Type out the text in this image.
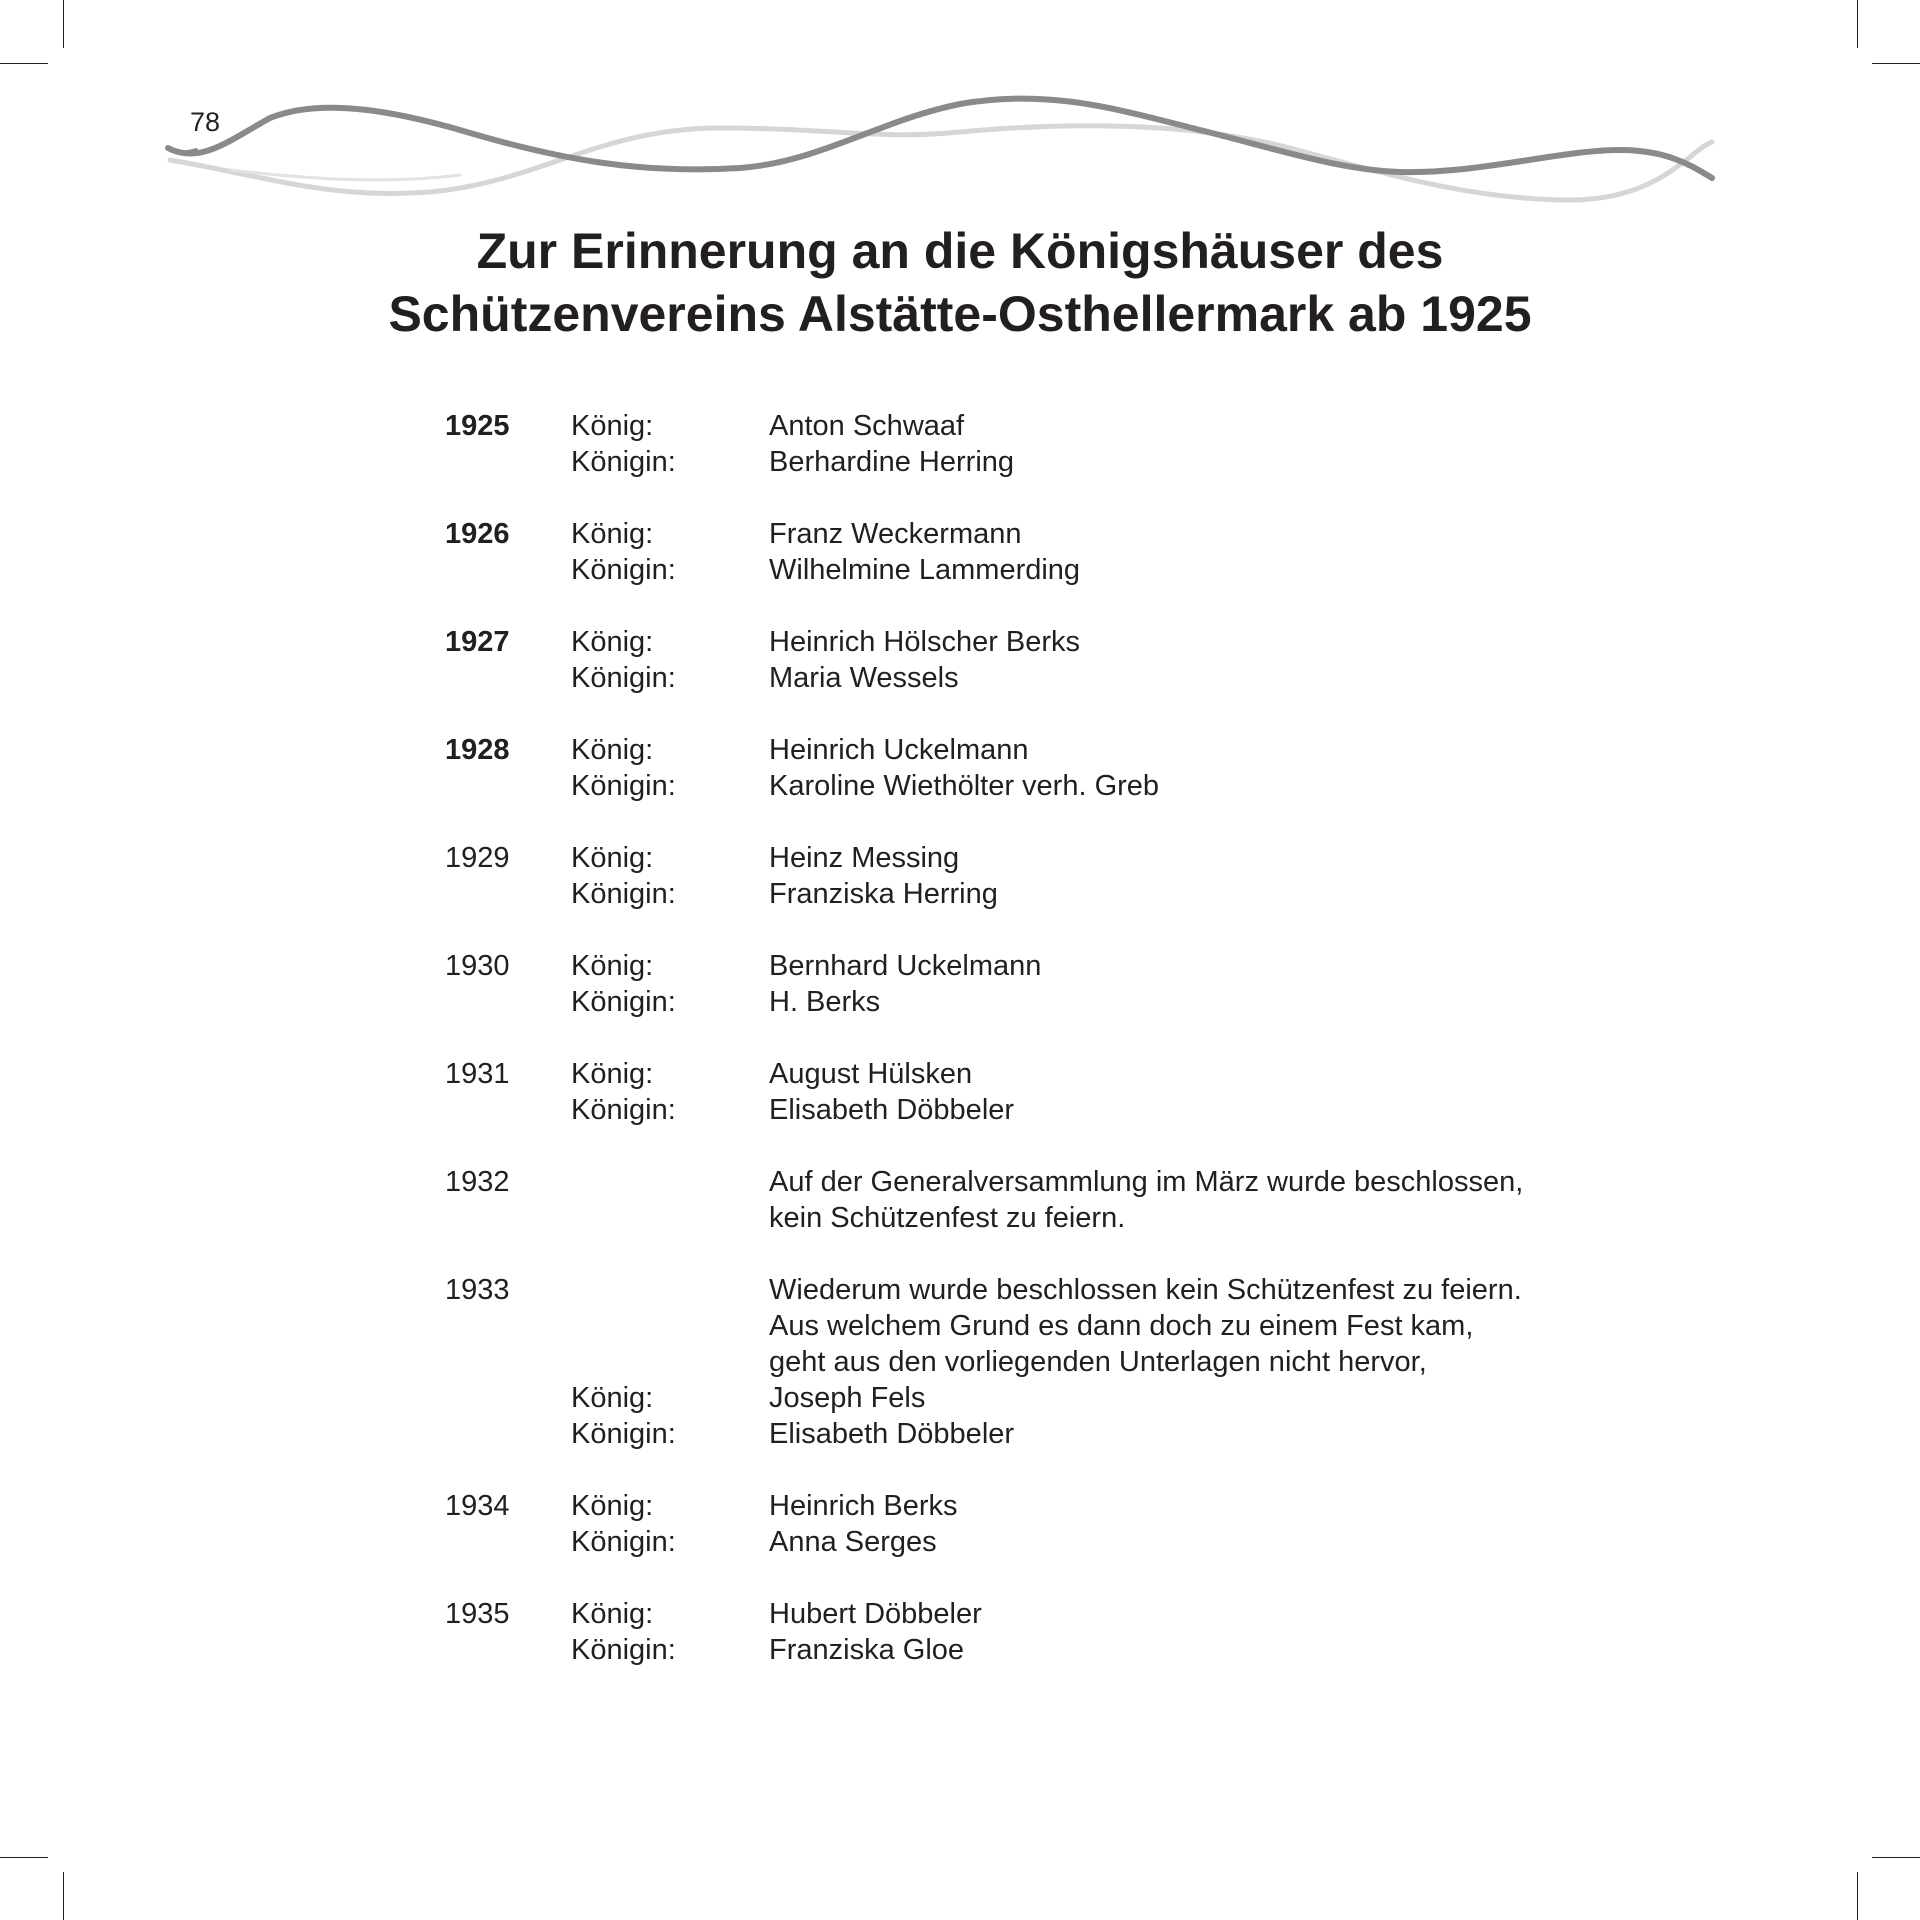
78
Zur Erinnerung an die Königshäuser des
Schützenvereins Alstätte-Osthellermark ab 1925
1925	König:	Anton Schwaaf
Königin:	Berhardine Herring
1926	König:	Franz Weckermann
Königin:	Wilhelmine Lammerding
1927	König:	Heinrich Hölscher Berks
Königin:	Maria Wessels
1928	König:	Heinrich Uckelmann
Königin:	Karoline Wiethölter verh. Greb
1929	König:	Heinz Messing
Königin:	Franziska Herring
1930	König:	Bernhard Uckelmann
Königin:	H. Berks
1931	König:	August Hülsken
Königin:	Elisabeth Döbbeler
1932	Auf der Generalversammlung im März wurde beschlossen,
kein Schützenfest zu feiern.
1933	Wiederum wurde beschlossen kein Schützenfest zu feiern.
Aus welchem Grund es dann doch zu einem Fest kam,
geht aus den vorliegenden Unterlagen nicht hervor,
König:	Joseph Fels
Königin:	Elisabeth Döbbeler
1934	König:	Heinrich Berks
Königin:	Anna Serges
1935	König:	Hubert Döbbeler
Königin:	Franziska Gloe
